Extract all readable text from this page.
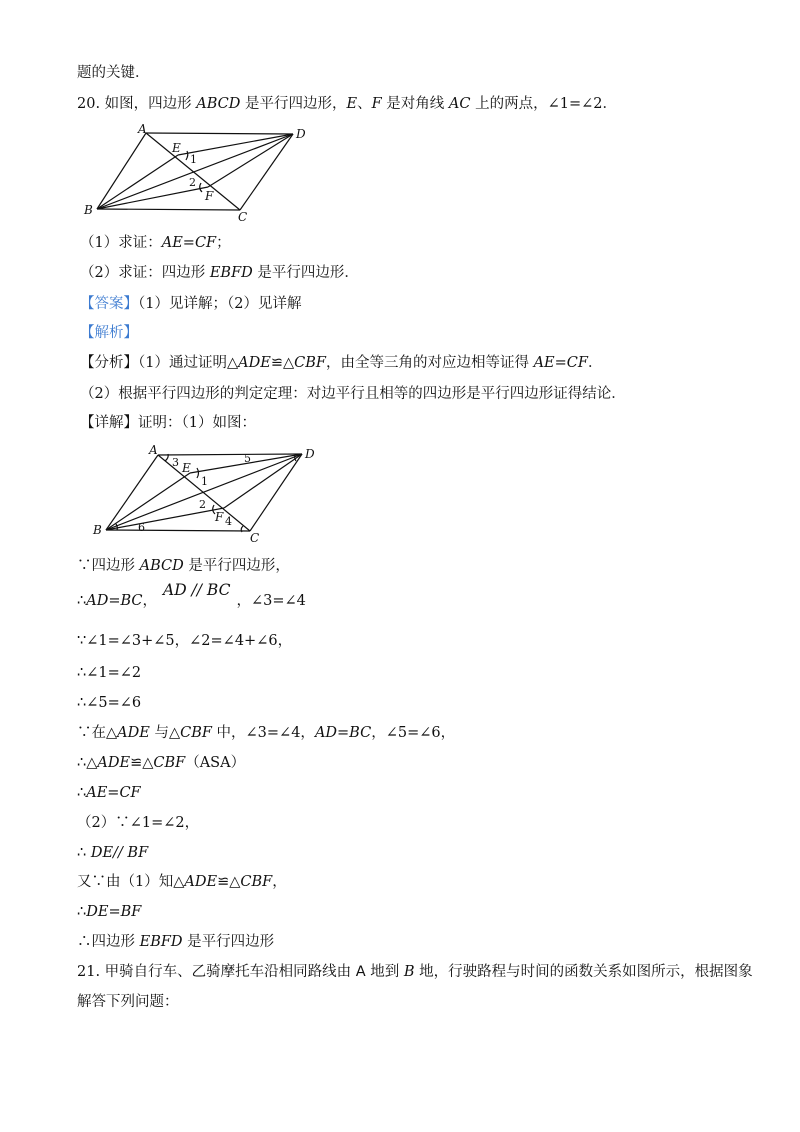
题的关键．
20. 如图，四边形 ABCD 是平行四边形，E、F 是对角线 AC 上的两点，∠1=∠2．
A	D
B	C
E
F
1
2
（1）求证：AE=CF；
（2）求证：四边形 EBFD 是平行四边形．
【答案】（1）见详解；（2）见详解
【解析】
【分析】（1）通过证明△ADE≌△CBF，由全等三角的对应边相等证得 AE=CF．
（2）根据平行四边形的判定定理：对边平行且相等的四边形是平行四边形证得结论．
【详解】证明：（1）如图：
A	D
B
C
E
F
1
2
3
4
5
6
∵四边形 ABCD 是平行四边形，
∴AD=BC，AD // BC，∠3=∠4
∵∠1=∠3+∠5，∠2=∠4+∠6，
∴∠1=∠2
∴∠5=∠6
∵在△ADE 与△CBF 中，∠3=∠4，AD=BC，∠5=∠6，
∴△ADE≌△CBF（ASA）
∴AE=CF
（2）∵∠1=∠2，
∴ DE// BF
又∵由（1）知△ADE≌△CBF，
∴DE=BF
∴四边形 EBFD 是平行四边形
21. 甲骑自行车、乙骑摩托车沿相同路线由 A 地到 B 地，行驶路程与时间的函数关系如图所示，根据图象
解答下列问题：
